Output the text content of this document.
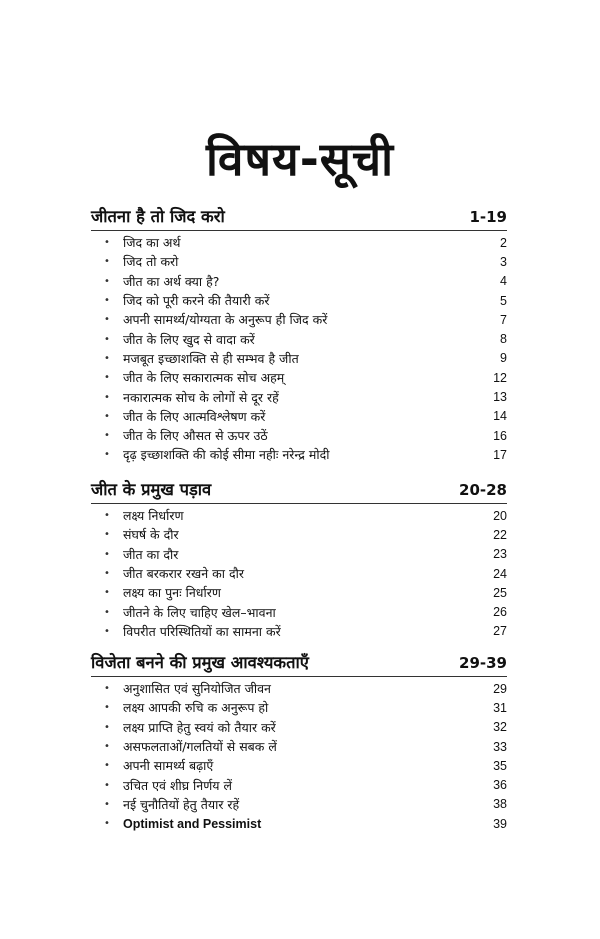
विषय-सूची
जीतना है तो जिद करो	1-19
•	जिद का अर्थ	2
•	जिद तो करो	3
•	जीत का अर्थ क्या है?	4
•	जिद को पूरी करने की तैयारी करें	5
•	अपनी सामर्थ्य/योग्यता के अनुरूप ही जिद करें	7
•	जीत के लिए खुद से वादा करें	8
•	मजबूत इच्छाशक्ति से ही सम्भव है जीत	9
•	जीत के लिए सकारात्मक सोच अहम्	12
•	नकारात्मक सोच के लोगों से दूर रहें	13
•	जीत के लिए आत्मविश्लेषण करें	14
•	जीत के लिए औसत से ऊपर उठें	16
•	दृढ़ इच्छाशक्ति की कोई सीमा नहीः नरेन्द्र मोदी	17
जीत के प्रमुख पड़ाव	20-28
•	लक्ष्य निर्धारण	20
•	संघर्ष के दौर	22
•	जीत का दौर	23
•	जीत बरकरार रखने का दौर	24
•	लक्ष्य का पुनः निर्धारण	25
•	जीतने के लिए चाहिए खेल–भावना	26
•	विपरीत परिस्थितियों का सामना करें	27
विजेता बनने की प्रमुख आवश्यकताएँ	29-39
•	अनुशासित एवं सुनियोजित जीवन	29
•	लक्ष्य आपकी रुचि क अनुरूप हो	31
•	लक्ष्य प्राप्ति हेतु स्वयं को तैयार करें	32
•	असफलताओं/गलतियों से सबक लें	33
•	अपनी सामर्थ्य बढ़ाएँ	35
•	उचित एवं शीघ्र निर्णय लें	36
•	नई चुनौतियों हेतु तैयार रहें	38
•	Optimist and Pessimist	39
